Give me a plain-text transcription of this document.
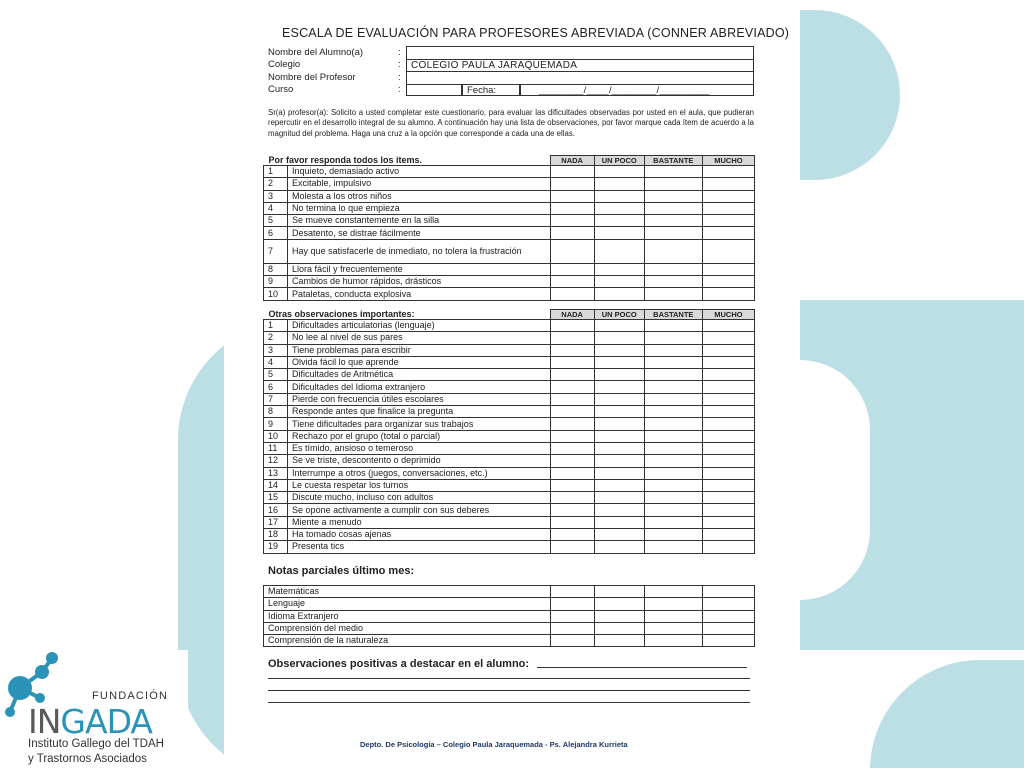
ESCALA DE EVALUACIÓN PARA PROFESORES ABREVIADA (CONNER ABREVIADO)
Nombre del Alumno(a)	:
Colegio	:	COLEGIO PAULA JARAQUEMADA
Nombre del Profesor	:
Curso	:	Fecha:	________/____/________/_________
Sr(a) profesor(a): Solicito a usted completar este cuestionario, para evaluar las dificultades observadas por usted en el aula, que pudieran repercutir en el desarrollo integral de su alumno. A continuación hay una lista de observaciones, por favor marque cada ítem de acuerdo a la magnitud del problema. Haga una cruz a la opción que corresponde a cada una de ellas.
Por favor responda todos los ítems.		NADA	UN POCO	BASTANTE	MUCHO
1	Inquieto, demasiado activo				
2	Excitable, impulsivo				
3	Molesta a los otros niños				
4	No termina lo que empieza				
5	Se mueve constantemente en la silla				
6	Desatento, se distrae fácilmente				
7	Hay que satisfacerle de inmediato, no tolera la frustración				
8	Llora fácil y frecuentemente				
9	Cambios de humor rápidos, drásticos				
10	Pataletas, conducta explosiva				
Otras observaciones importantes:		NADA	UN POCO	BASTANTE	MUCHO
1	Dificultades articulatorias (lenguaje)				
2	No lee al nivel de sus pares				
3	Tiene problemas para escribir				
4	Olvida fácil lo que aprende				
5	Dificultades de Aritmética				
6	Dificultades del Idioma extranjero				
7	Pierde con frecuencia útiles escolares				
8	Responde antes que finalice la pregunta				
9	Tiene dificultades para organizar sus trabajos				
10	Rechazo por el grupo (total o parcial)				
11	Es tímido, ansioso o temeroso				
12	Se ve triste, descontento o deprimido				
13	Interrumpe a otros (juegos, conversaciones, etc.)				
14	Le cuesta respetar los turnos				
15	Discute mucho, incluso con adultos				
16	Se opone activamente a cumplir con sus deberes				
17	Miente a menudo				
18	Ha tomado cosas ajenas				
19	Presenta tics				
Notas parciales último mes:
Matemáticas				
Lenguaje				
Idioma Extranjero				
Comprensión del medio				
Comprensión de la naturaleza				
Observaciones positivas a destacar en el alumno:
Depto. De Psicología – Colegio Paula Jaraquemada - Ps. Alejandra Kurrieta
FUNDACIÓN
INGADA
Instituto Gallego del TDAH
y Trastornos Asociados
